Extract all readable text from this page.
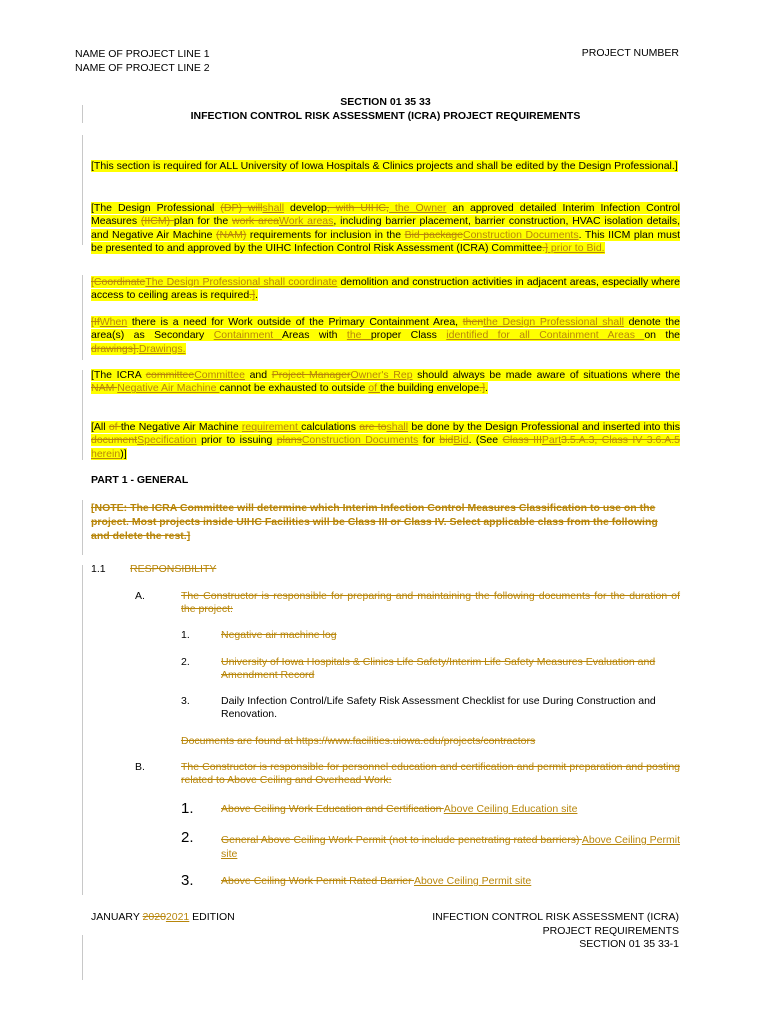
NAME OF PROJECT LINE 1
NAME OF PROJECT LINE 2
PROJECT NUMBER
SECTION 01 35 33
INFECTION CONTROL RISK ASSESSMENT (ICRA) PROJECT REQUIREMENTS
[This section is required for ALL University of Iowa Hospitals & Clinics projects and shall be edited by the Design Professional.]
[The Design Professional (DP) willshall develop, with UIHC, the Owner an approved detailed Interim Infection Control Measures (IICM) plan for the work areaWork areas, including barrier placement, barrier construction, HVAC isolation details, and Negative Air Machine (NAM) requirements for inclusion in the Bid packageConstruction Documents. This IICM plan must be presented to and approved by the UIHC Infection Control Risk Assessment (ICRA) Committee.] prior to Bid.
[CoordinateThe Design Professional shall coordinate demolition and construction activities in adjacent areas, especially where access to ceiling areas is required.].
[IfWhen there is a need for Work outside of the Primary Containment Area, thenthe Design Professional shall denote the area(s) as Secondary Containment Areas with the proper Class identified for all Containment Areas on the drawings].Drawings.
[The ICRA committeeCommittee and Project ManagerOwner's Rep should always be made aware of situations where the NAM Negative Air Machine cannot be exhausted to outside of the building envelope.].
[All of the Negative Air Machine requirement calculations are toshall be done by the Design Professional and inserted into this documentSpecification prior to issuing plansConstruction Documents for bidBid. (See Class IIIPart3.5.A.3, Class IV 3.6.A.5 herein)]
PART 1 - GENERAL
[NOTE: The ICRA Committee will determine which Interim Infection Control Measures Classification to use on the project. Most projects inside UIHC Facilities will be Class III or Class IV. Select applicable class from the following and delete the rest.]
1.1 RESPONSIBILITY
A.	The Constructor is responsible for preparing and maintaining the following documents for the duration of the project:
1.	Negative air machine log
2.	University of Iowa Hospitals & Clinics Life Safety/Interim Life Safety Measures Evaluation and Amendment Record
3.	Daily Infection Control/Life Safety Risk Assessment Checklist for use During Construction and Renovation.
Documents are found at https://www.facilities.uiowa.edu/projects/contractors
B.	The Constructor is responsible for personnel education and certification and permit preparation and posting related to Above Ceiling and Overhead Work:
1.	Above Ceiling Work Education and Certification Above Ceiling Education site
2.	General Above Ceiling Work Permit (not to include penetrating rated barriers) Above Ceiling Permit site
3.	Above Ceiling Work Permit Rated Barrier Above Ceiling Permit site
JANUARY 20202021 EDITION	INFECTION CONTROL RISK ASSESSMENT (ICRA)
PROJECT REQUIREMENTS
SECTION 01 35 33-1
